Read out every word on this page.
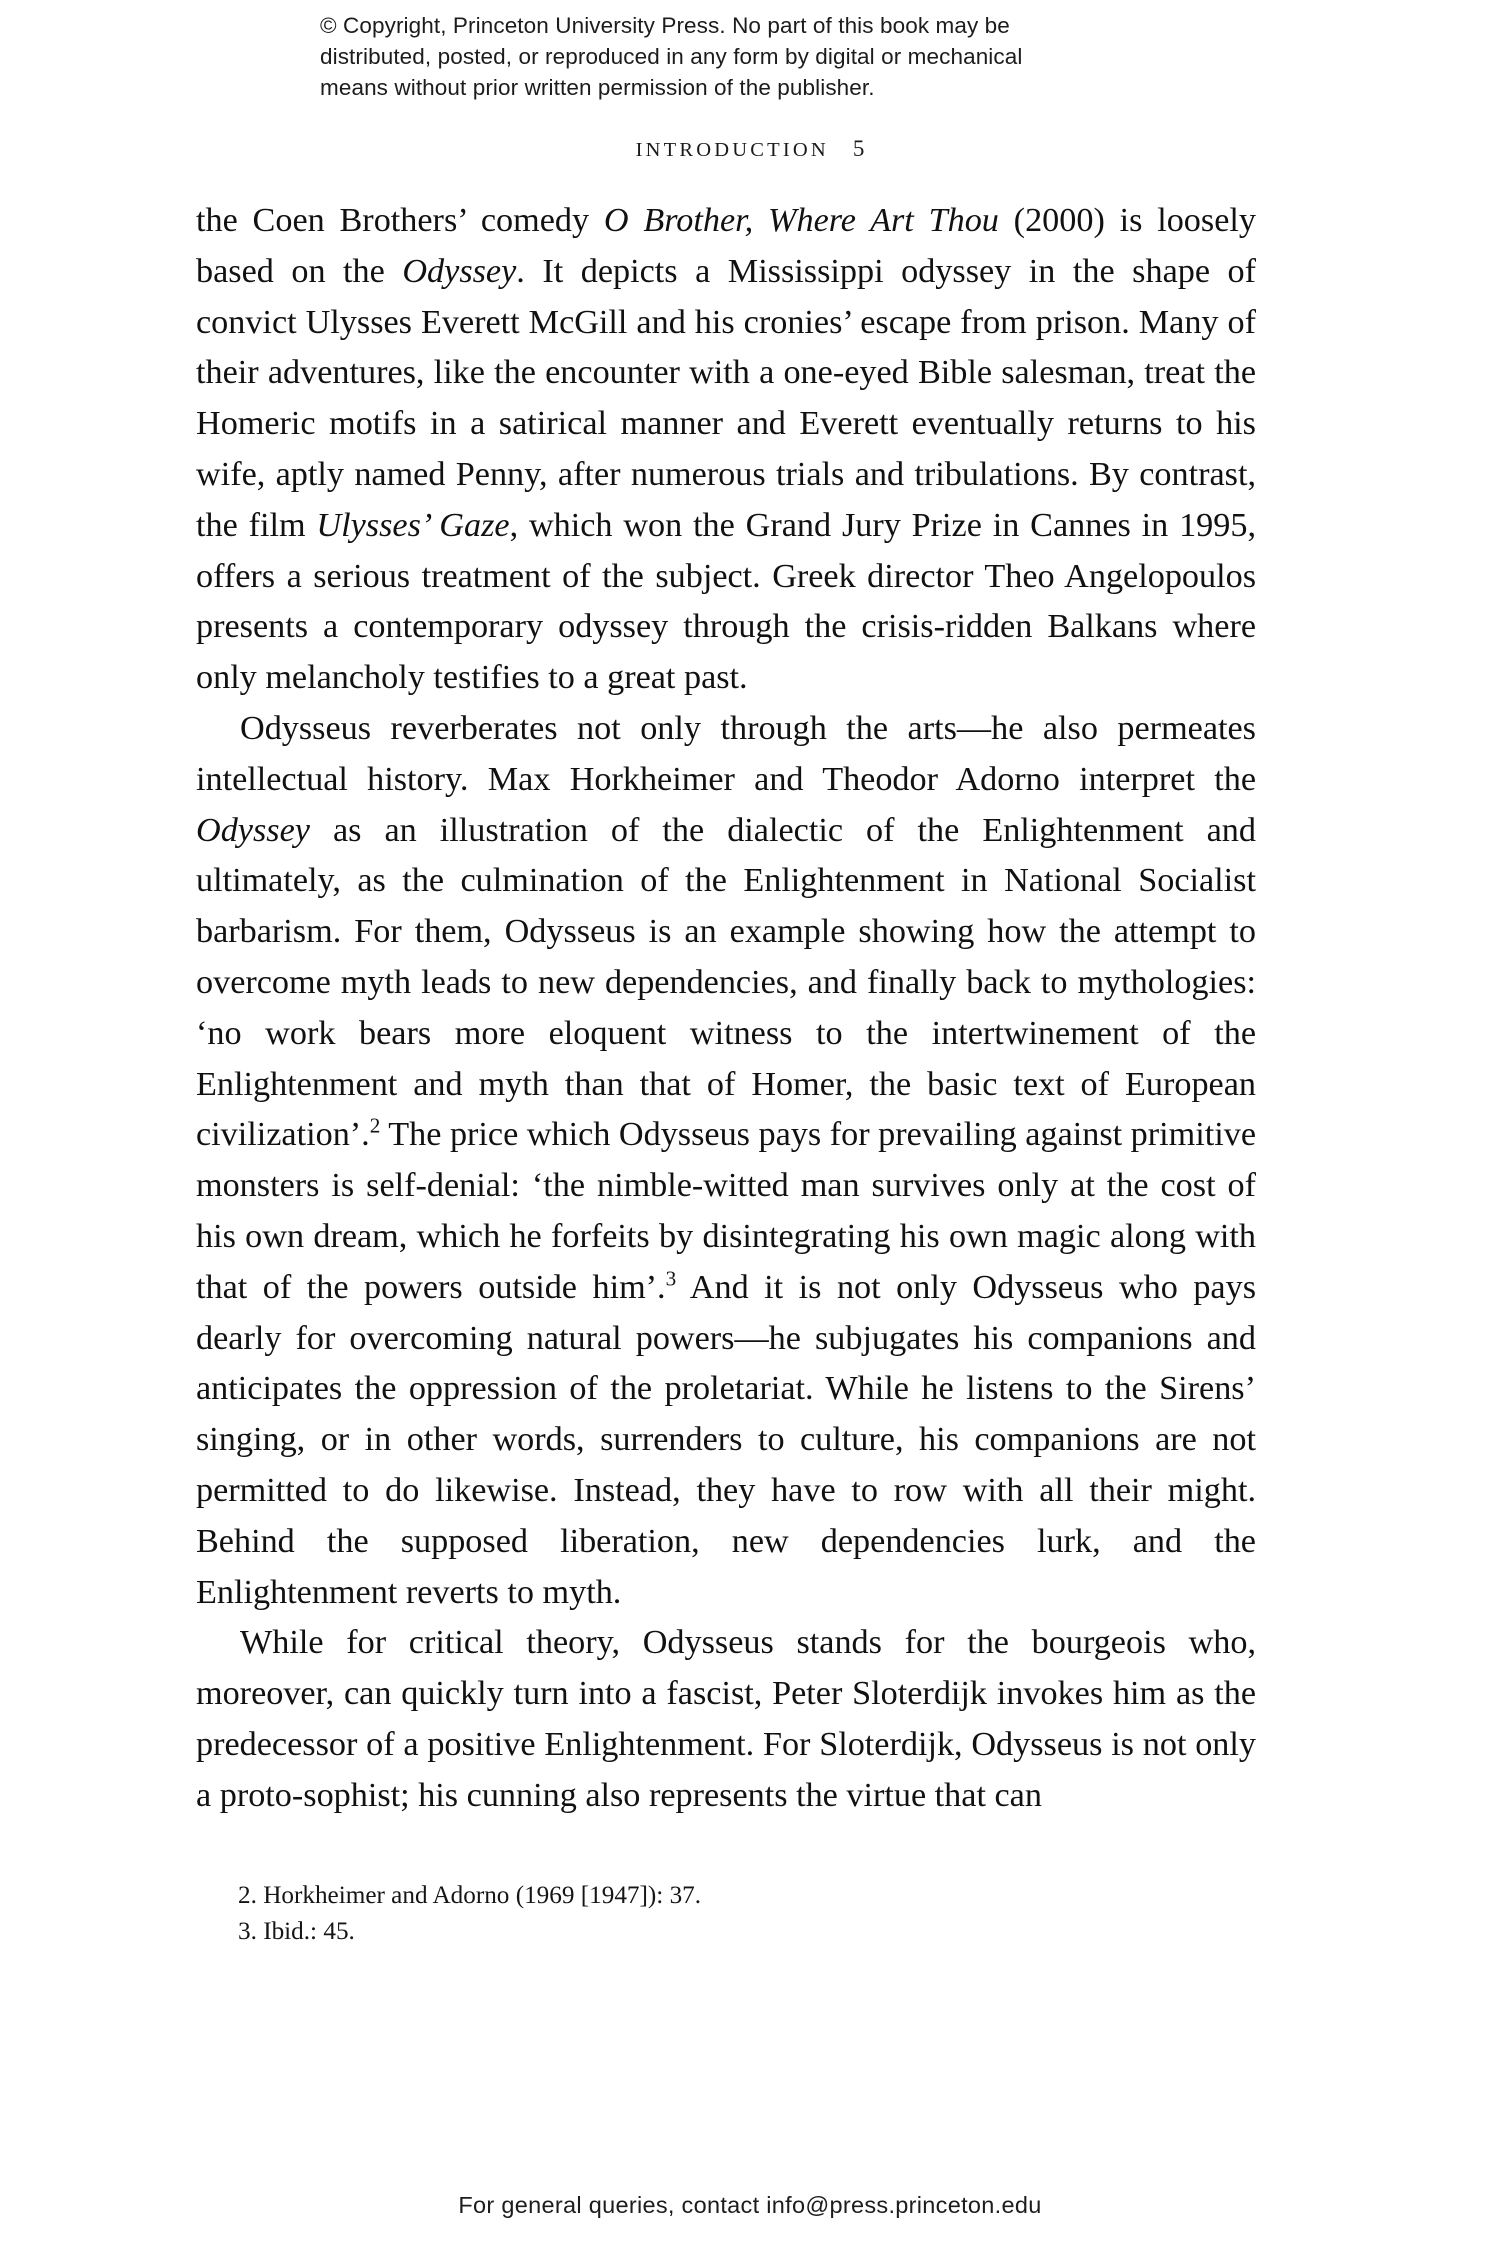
© Copyright, Princeton University Press. No part of this book may be
distributed, posted, or reproduced in any form by digital or mechanical
means without prior written permission of the publisher.
INTRODUCTION 5

the Coen Brothers’ comedy O Brother, Where Art Thou (2000) is loosely based on the Odyssey. It depicts a Mississippi odyssey in the shape of convict Ulysses Everett McGill and his cronies’ escape from prison. Many of their adventures, like the encounter with a one-eyed Bible salesman, treat the Homeric motifs in a satirical manner and Everett eventually returns to his wife, aptly named Penny, after numerous trials and tribulations. By contrast, the film Ulysses’ Gaze, which won the Grand Jury Prize in Cannes in 1995, offers a serious treatment of the subject. Greek director Theo Angelopoulos presents a contemporary odyssey through the crisis-ridden Balkans where only melancholy testifies to a great past.

Odysseus reverberates not only through the arts—he also permeates intellectual history. Max Horkheimer and Theodor Adorno interpret the Odyssey as an illustration of the dialectic of the Enlightenment and ultimately, as the culmination of the Enlightenment in National Socialist barbarism. For them, Odysseus is an example showing how the attempt to overcome myth leads to new dependencies, and finally back to mythologies: ‘no work bears more eloquent witness to the intertwinement of the Enlightenment and myth than that of Homer, the basic text of European civilization’.$^2$ The price which Odysseus pays for prevailing against primitive monsters is self-denial: ‘the nimble-witted man survives only at the cost of his own dream, which he forfeits by disintegrating his own magic along with that of the powers outside him’.$^3$ And it is not only Odysseus who pays dearly for overcoming natural powers—he subjugates his companions and anticipates the oppression of the proletariat. While he listens to the Sirens’ singing, or in other words, surrenders to culture, his companions are not permitted to do likewise. Instead, they have to row with all their might. Behind the supposed liberation, new dependencies lurk, and the Enlightenment reverts to myth.

While for critical theory, Odysseus stands for the bourgeois who, moreover, can quickly turn into a fascist, Peter Sloterdijk invokes him as the predecessor of a positive Enlightenment. For Sloterdijk, Odysseus is not only a proto-sophist; his cunning also represents the virtue that can

2. Horkheimer and Adorno (1969 [1947]): 37.
3. Ibid.: 45.
For general queries, contact info@press.princeton.edu
